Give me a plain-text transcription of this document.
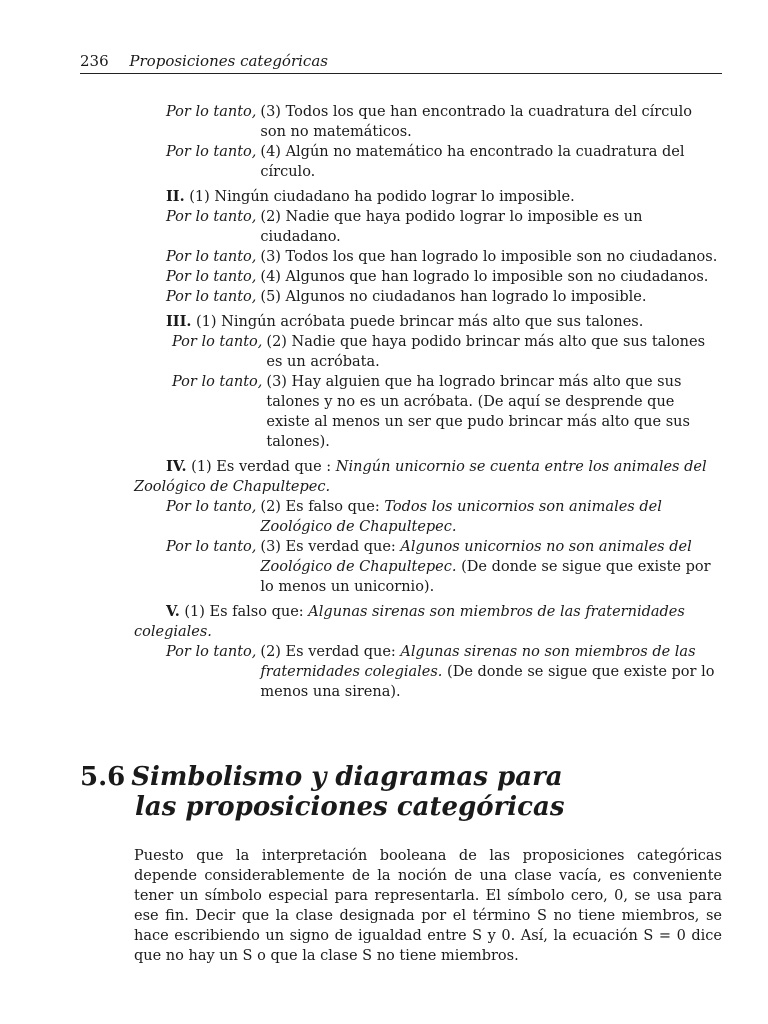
236 Proposiciones categóricas
Por lo tanto, (3) Todos los que han encontrado la cuadratura del círculo son no matemáticos.
Por lo tanto, (4) Algún no matemático ha encontrado la cuadratura del círculo.
II. (1) Ningún ciudadano ha podido lograr lo imposible.
Por lo tanto, (2) Nadie que haya podido lograr lo imposible es un ciudadano.
Por lo tanto, (3) Todos los que han logrado lo imposible son no ciudadanos.
Por lo tanto, (4) Algunos que han logrado lo imposible son no ciudadanos.
Por lo tanto, (5) Algunos no ciudadanos han logrado lo imposible.
III. (1) Ningún acróbata puede brincar más alto que sus talones.
Por lo tanto, (2) Nadie que haya podido brincar más alto que sus talones es un acróbata.
Por lo tanto, (3) Hay alguien que ha logrado brincar más alto que sus talones y no es un acróbata. (De aquí se desprende que existe al menos un ser que pudo brincar más alto que sus talones).
IV. (1) Es verdad que : Ningún unicornio se cuenta entre los animales del Zoológico de Chapultepec.
Por lo tanto, (2) Es falso que: Todos los unicornios son animales del Zoológico de Chapultepec.
Por lo tanto, (3) Es verdad que: Algunos unicornios no son animales del Zoológico de Chapultepec. (De donde se sigue que existe por lo menos un unicornio).
V. (1) Es falso que: Algunas sirenas son miembros de las fraternidades colegiales.
Por lo tanto, (2) Es verdad que: Algunas sirenas no son miembros de las fraternidades colegiales. (De donde se sigue que existe por lo menos una sirena).
5.6 Simbolismo y diagramas para
las proposiciones categóricas
Puesto que la interpretación booleana de las proposiciones categóricas depende considerablemente de la noción de una clase vacía, es conveniente tener un símbolo especial para representarla. El símbolo cero, 0, se usa para ese fin. Decir que la clase designada por el término S no tiene miembros, se hace escribiendo un signo de igualdad entre S y 0. Así, la ecuación S = 0 dice que no hay un S o que la clase S no tiene miembros.
